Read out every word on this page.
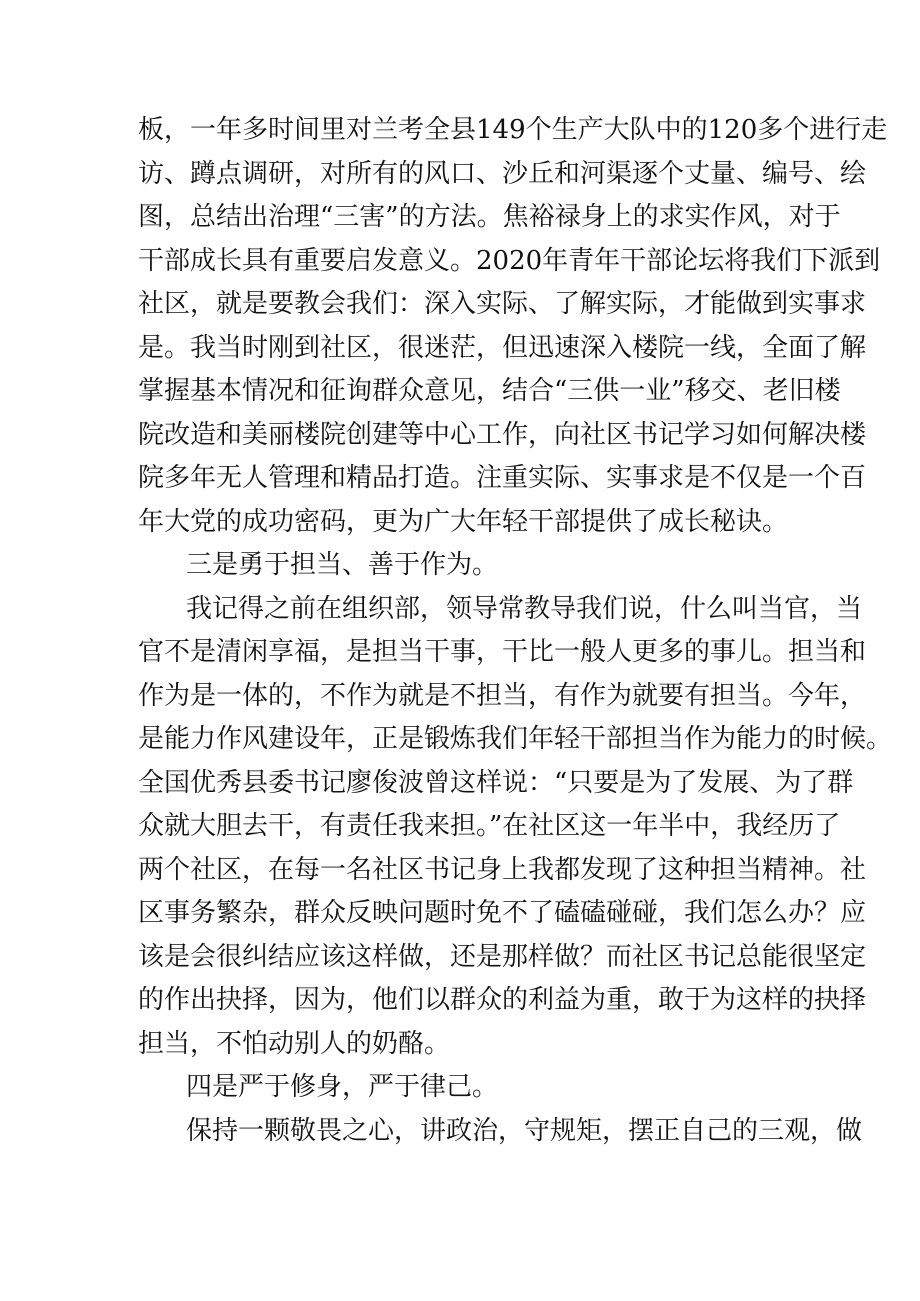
板，一年多时间里对兰考全县149个生产大队中的120多个进行走
访、蹲点调研，对所有的风口、沙丘和河渠逐个丈量、编号、绘
图，总结出治理“三害”的方法。焦裕禄身上的求实作风，对于
干部成长具有重要启发意义。2020年青年干部论坛将我们下派到
社区，就是要教会我们：深入实际、了解实际，才能做到实事求
是。我当时刚到社区，很迷茫，但迅速深入楼院一线，全面了解
掌握基本情况和征询群众意见，结合“三供一业”移交、老旧楼
院改造和美丽楼院创建等中心工作，向社区书记学习如何解决楼
院多年无人管理和精品打造。注重实际、实事求是不仅是一个百
年大党的成功密码，更为广大年轻干部提供了成长秘诀。
三是勇于担当、善于作为。
我记得之前在组织部，领导常教导我们说，什么叫当官，当
官不是清闲享福，是担当干事，干比一般人更多的事儿。担当和
作为是一体的，不作为就是不担当，有作为就要有担当。今年，
是能力作风建设年，正是锻炼我们年轻干部担当作为能力的时候。
全国优秀县委书记廖俊波曾这样说：“只要是为了发展、为了群
众就大胆去干，有责任我来担。”在社区这一年半中，我经历了
两个社区，在每一名社区书记身上我都发现了这种担当精神。社
区事务繁杂，群众反映问题时免不了磕磕碰碰，我们怎么办？应
该是会很纠结应该这样做，还是那样做？而社区书记总能很坚定
的作出抉择，因为，他们以群众的利益为重，敢于为这样的抉择
担当，不怕动别人的奶酪。
四是严于修身，严于律己。
保持一颗敬畏之心，讲政治，守规矩，摆正自己的三观，做
